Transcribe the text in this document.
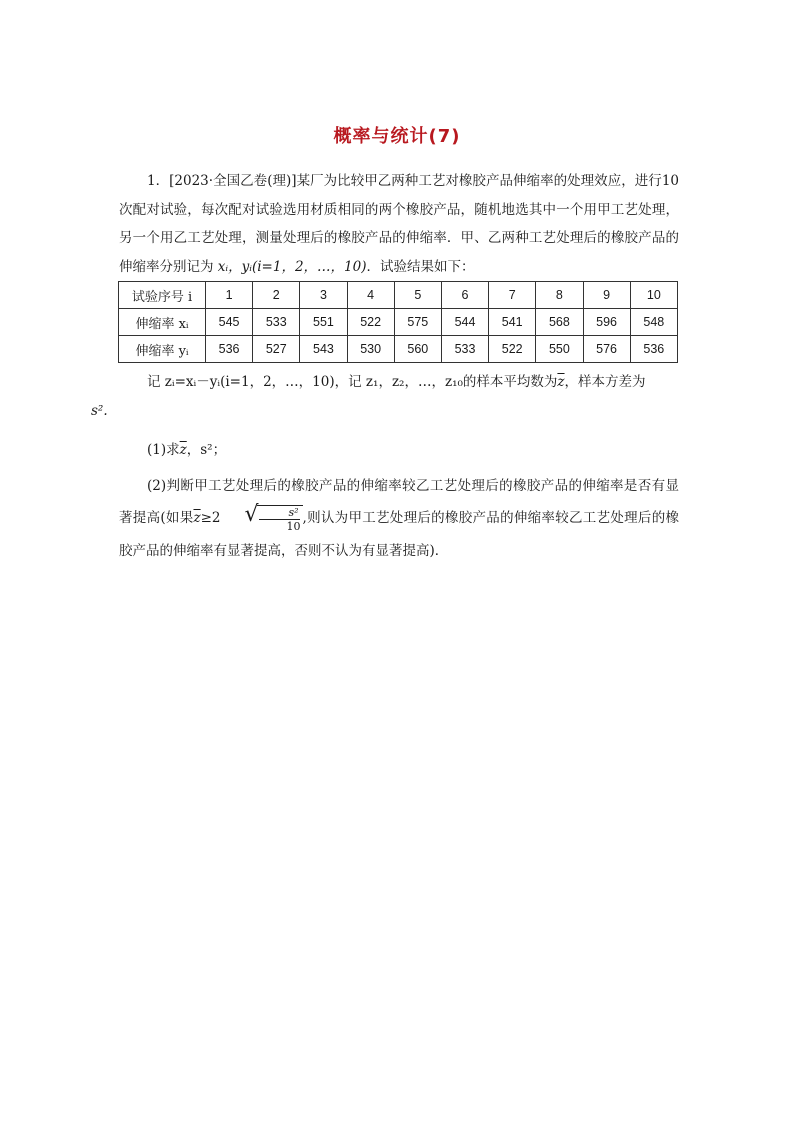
概率与统计(7)

1．[2023·全国乙卷(理)]某厂为比较甲乙两种工艺对橡胶产品伸缩率的处理效应，进行10次配对试验，每次配对试验选用材质相同的两个橡胶产品，随机地选其中一个用甲工艺处理，另一个用乙工艺处理，测量处理后的橡胶产品的伸缩率．甲、乙两种工艺处理后的橡胶产品的伸缩率分别记为 xᵢ，yᵢ(i=1，2，…，10)．试验结果如下：

试验序号 i	1	2	3	4	5	6	7	8	9	10
伸缩率 xᵢ	545	533	551	522	575	544	541	568	596	548
伸缩率 yᵢ	536	527	543	530	560	533	522	550	576	536

记 zᵢ=xᵢ－yᵢ(i=1，2，…，10)，记 z₁，z₂，…，z₁₀的样本平均数为$\overline{z}$，样本方差为
s².

(1)求$\overline{z}$，s²；

(2)判断甲工艺处理后的橡胶产品的伸缩率较乙工艺处理后的橡胶产品的伸缩率是否有显著提高(如果$\overline{z}\ge 2$	√
$\frac{\text{s²}}{10}$ ,则认为甲工艺处理后的橡胶产品的伸缩率较乙工艺处理后的橡胶产品的伸缩率有显著提高，否则不认为有显著提高)．
